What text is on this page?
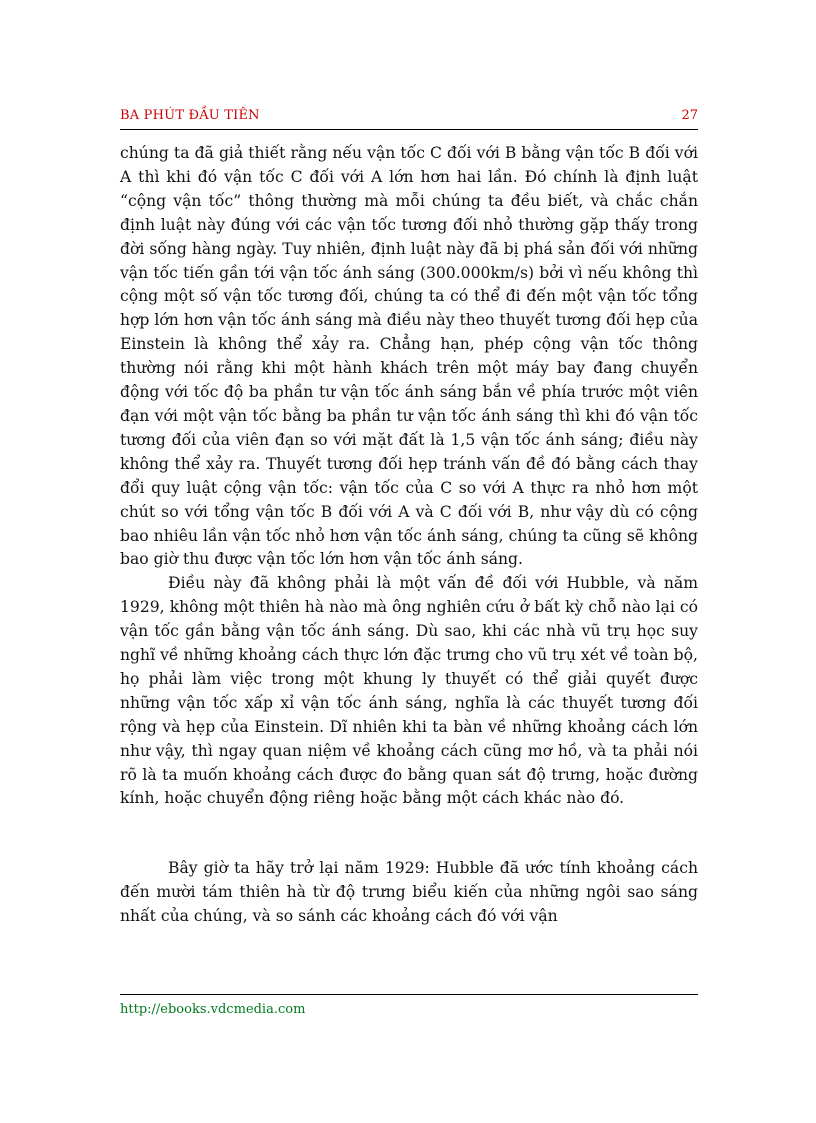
BA PHÚT ĐẦU TIÊN	27

chúng ta đã giả thiết rằng nếu vận tốc C đối với B bằng vận tốc B đối với A thì khi đó vận tốc C đối với A lớn hơn hai lần. Đó chính là định luật “cộng vận tốc” thông thường mà mỗi chúng ta đều biết, và chắc chắn định luật này đúng với các vận tốc tương đối nhỏ thường gặp thấy trong đời sống hàng ngày. Tuy nhiên, định luật này đã bị phá sản đối với những vận tốc tiến gần tới vận tốc ánh sáng (300.000km/s) bởi vì nếu không thì cộng một số vận tốc tương đối, chúng ta có thể đi đến một vận tốc tổng hợp lớn hơn vận tốc ánh sáng mà điều này theo thuyết tương đối hẹp của Einstein là không thể xảy ra. Chẳng hạn, phép cộng vận tốc thông thường nói rằng khi một hành khách trên một máy bay đang chuyển động với tốc độ ba phần tư vận tốc ánh sáng bắn về phía trước một viên đạn với một vận tốc bằng ba phần tư vận tốc ánh sáng thì khi đó vận tốc tương đối của viên đạn so với mặt đất là 1,5 vận tốc ánh sáng; điều này không thể xảy ra. Thuyết tương đối hẹp tránh vấn đề đó bằng cách thay đổi quy luật cộng vận tốc: vận tốc của C so với A thực ra nhỏ hơn một chút so với tổng vận tốc B đối với A và C đối với B, như vậy dù có cộng bao nhiêu lần vận tốc nhỏ hơn vận tốc ánh sáng, chúng ta cũng sẽ không bao giờ thu được vận tốc lớn hơn vận tốc ánh sáng.

Điều này đã không phải là một vấn đề đối với Hubble, và năm 1929, không một thiên hà nào mà ông nghiên cứu ở bất kỳ chỗ nào lại có vận tốc gần bằng vận tốc ánh sáng. Dù sao, khi các nhà vũ trụ học suy nghĩ về những khoảng cách thực lớn đặc trưng cho vũ trụ xét về toàn bộ, họ phải làm việc trong một khung ly thuyết có thể giải quyết được những vận tốc xấp xỉ vận tốc ánh sáng, nghĩa là các thuyết tương đối rộng và hẹp của Einstein. Dĩ nhiên khi ta bàn về những khoảng cách lớn như vậy, thì ngay quan niệm về khoảng cách cũng mơ hồ, và ta phải nói rõ là ta muốn khoảng cách được đo bằng quan sát độ trưng, hoặc đường kính, hoặc chuyển động riêng hoặc bằng một cách khác nào đó.

Bây giờ ta hãy trở lại năm 1929: Hubble đã ước tính khoảng cách đến mười tám thiên hà từ độ trưng biểu kiến của những ngôi sao sáng nhất của chúng, và so sánh các khoảng cách đó với vận

http://ebooks.vdcmedia.com
